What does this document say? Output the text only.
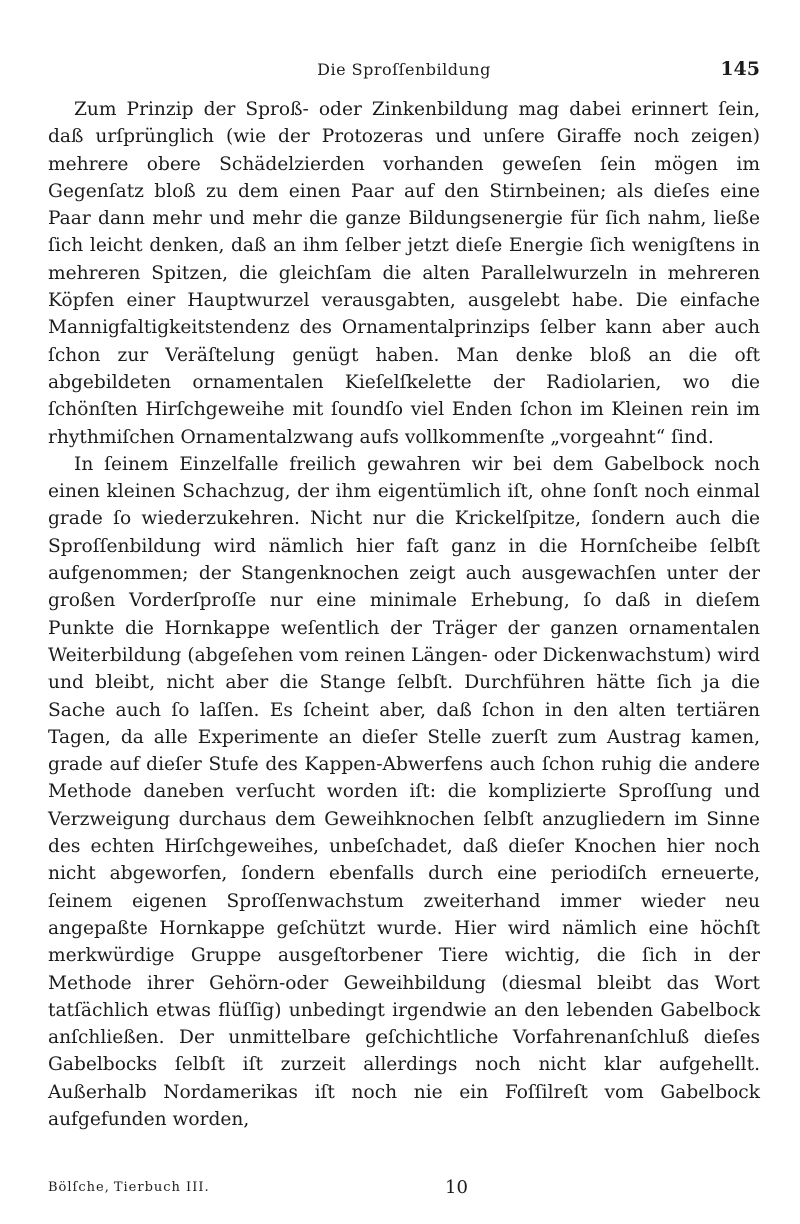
Die Sproſſenbildung	145

Zum Prinzip der Sproß- oder Zinkenbildung mag dabei erinnert ſein, daß urſprünglich (wie der Protozeras und unſere Giraffe noch zeigen) mehrere obere Schädelzierden vorhanden geweſen ſein mögen im Gegenſatz bloß zu dem einen Paar auf den Stirnbeinen; als dieſes eine Paar dann mehr und mehr die ganze Bildungsenergie für ſich nahm, ließe ſich leicht denken, daß an ihm ſelber jetzt dieſe Energie ſich wenigſtens in mehreren Spitzen, die gleichſam die alten Parallelwurzeln in mehreren Köpfen einer Hauptwurzel verausgabten, ausgelebt habe. Die einfache Mannigfaltigkeitstendenz des Ornamentalprinzips ſelber kann aber auch ſchon zur Veräſtelung genügt haben. Man denke bloß an die oft abgebildeten ornamentalen Kieſelſkelette der Radiolarien, wo die ſchönſten Hirſchgeweihe mit ſoundſo viel Enden ſchon im Kleinen rein im rhythmiſchen Ornamentalzwang aufs vollkommenſte „vorgeahnt“ ſind.

In ſeinem Einzelfalle freilich gewahren wir bei dem Gabelbock noch einen kleinen Schachzug, der ihm eigentümlich iſt, ohne ſonſt noch einmal grade ſo wiederzukehren. Nicht nur die Krickelſpitze, ſondern auch die Sproſſenbildung wird nämlich hier faſt ganz in die Hornſcheibe ſelbſt aufgenommen; der Stangenknochen zeigt auch ausgewachſen unter der großen Vorderſproſſe nur eine minimale Erhebung, ſo daß in dieſem Punkte die Hornkappe weſentlich der Träger der ganzen ornamentalen Weiterbildung (abgeſehen vom reinen Längen- oder Dickenwachstum) wird und bleibt, nicht aber die Stange ſelbſt. Durchführen hätte ſich ja die Sache auch ſo laſſen. Es ſcheint aber, daß ſchon in den alten tertiären Tagen, da alle Experimente an dieſer Stelle zuerſt zum Austrag kamen, grade auf dieſer Stufe des Kappen-Abwerfens auch ſchon ruhig die andere Methode daneben verſucht worden iſt: die komplizierte Sproſſung und Verzweigung durchaus dem Geweihknochen ſelbſt anzugliedern im Sinne des echten Hirſchgeweihes, unbeſchadet, daß dieſer Knochen hier noch nicht abgeworfen, ſondern ebenfalls durch eine periodiſch erneuerte, ſeinem eigenen Sproſſenwachstum zweiterhand immer wieder neu angepaßte Hornkappe geſchützt wurde. Hier wird nämlich eine höchſt merkwürdige Gruppe ausgeſtorbener Tiere wichtig, die ſich in der Methode ihrer Gehörn-oder Geweihbildung (diesmal bleibt das Wort tatſächlich etwas flüſſig) unbedingt irgendwie an den lebenden Gabelbock anſchließen. Der unmittelbare geſchichtliche Vorfahrenanſchluß dieſes Gabelbocks ſelbſt iſt zurzeit allerdings noch nicht klar aufgehellt. Außerhalb Nordamerikas iſt noch nie ein Foſſilreſt vom Gabelbock aufgefunden worden,

Bölſche, Tierbuch III.	10
